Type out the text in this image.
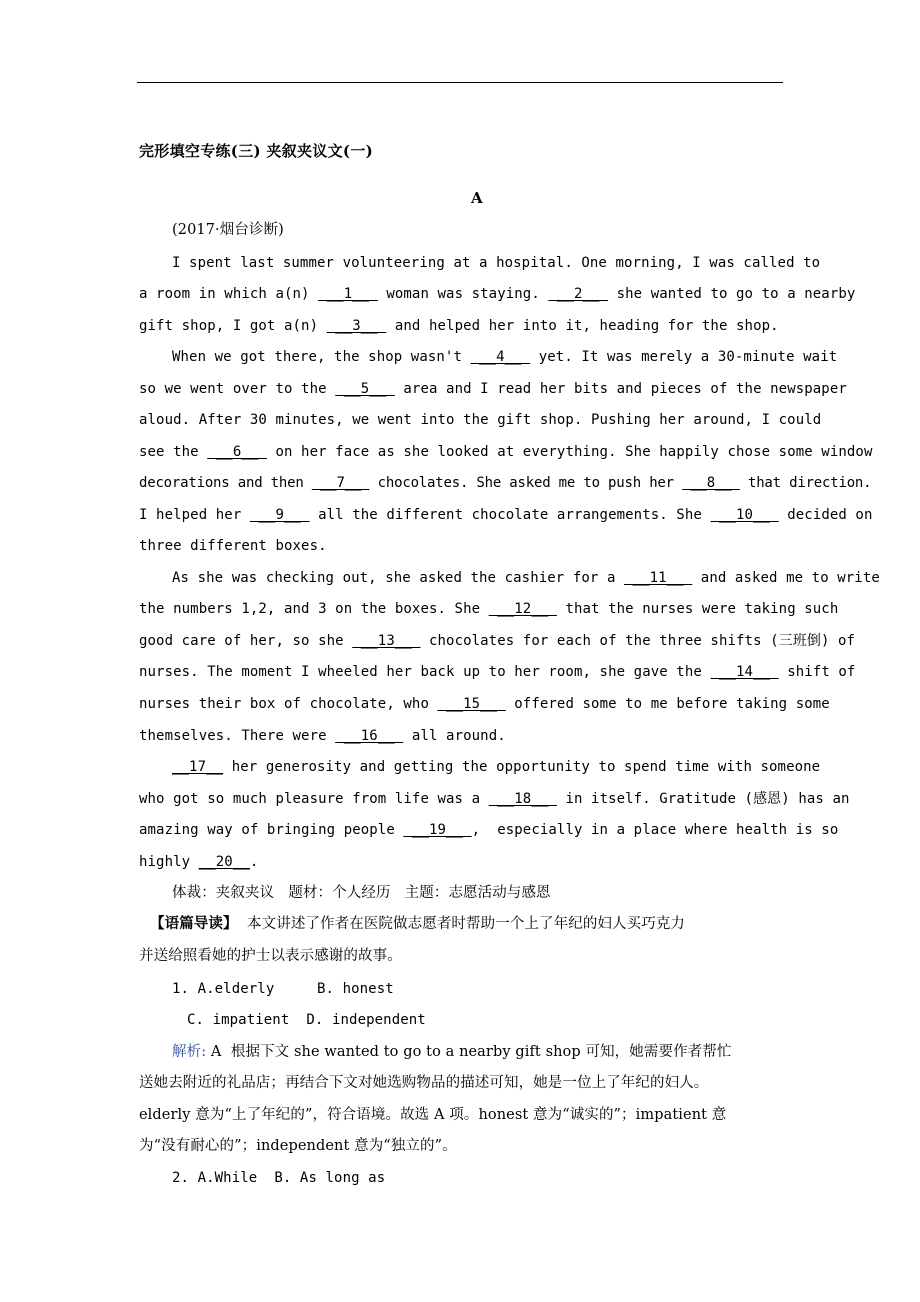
完形填空专练(三) 夹叙夹议文(一)
A
(2017·烟台诊断)
I spent last summer volunteering at a hospital. One morning, I was called to
a room in which a(n)  __1__  woman was staying.  __2__  she wanted to go to a nearby
gift shop, I got a(n)  __3__  and helped her into it, heading for the shop.
When we got there, the shop wasn't  __4__  yet. It was merely a 30-minute wait
so we went over to the  __5__  area and I read her bits and pieces of the newspaper
aloud. After 30 minutes, we went into the gift shop. Pushing her around, I could
see the  __6__  on her face as she looked at everything. She happily chose some window
decorations and then  __7__  chocolates. She asked me to push her  __8__  that direction.
I helped her  __9__  all the different chocolate arrangements. She  __10__  decided on
three different boxes.
As she was checking out, she asked the cashier for a  __11__  and asked me to write
the numbers 1,2, and 3 on the boxes. She  __12__  that the nurses were taking such
good care of her, so she  __13__  chocolates for each of the three shifts (三班倒) of
nurses. The moment I wheeled her back up to her room, she gave the  __14__  shift of
nurses their box of chocolate, who  __15__  offered some to me before taking some
themselves. There were  __16__  all around.
__17__ her generosity and getting the opportunity to spend time with someone
who got so much pleasure from life was a  __18__  in itself. Gratitude (感恩) has an
amazing way of bringing people  __19__ ,  especially in a place where health is so
highly __20__.
体裁：夹叙夹议   题材：个人经历   主题：志愿活动与感恩
【语篇导读】  本文讲述了作者在医院做志愿者时帮助一个上了年纪的妇人买巧克力
并送给照看她的护士以表示感谢的故事。
1. A.elderly     B. honest
C. impatient  D. independent
解析: A  根据下文 she wanted to go to a nearby gift shop 可知，她需要作者帮忙
送她去附近的礼品店；再结合下文对她选购物品的描述可知，她是一位上了年纪的妇人。
elderly 意为“上了年纪的”，符合语境。故选 A 项。honest 意为“诚实的”；impatient 意
为“没有耐心的”；independent 意为“独立的”。
2. A.While  B. As long as
